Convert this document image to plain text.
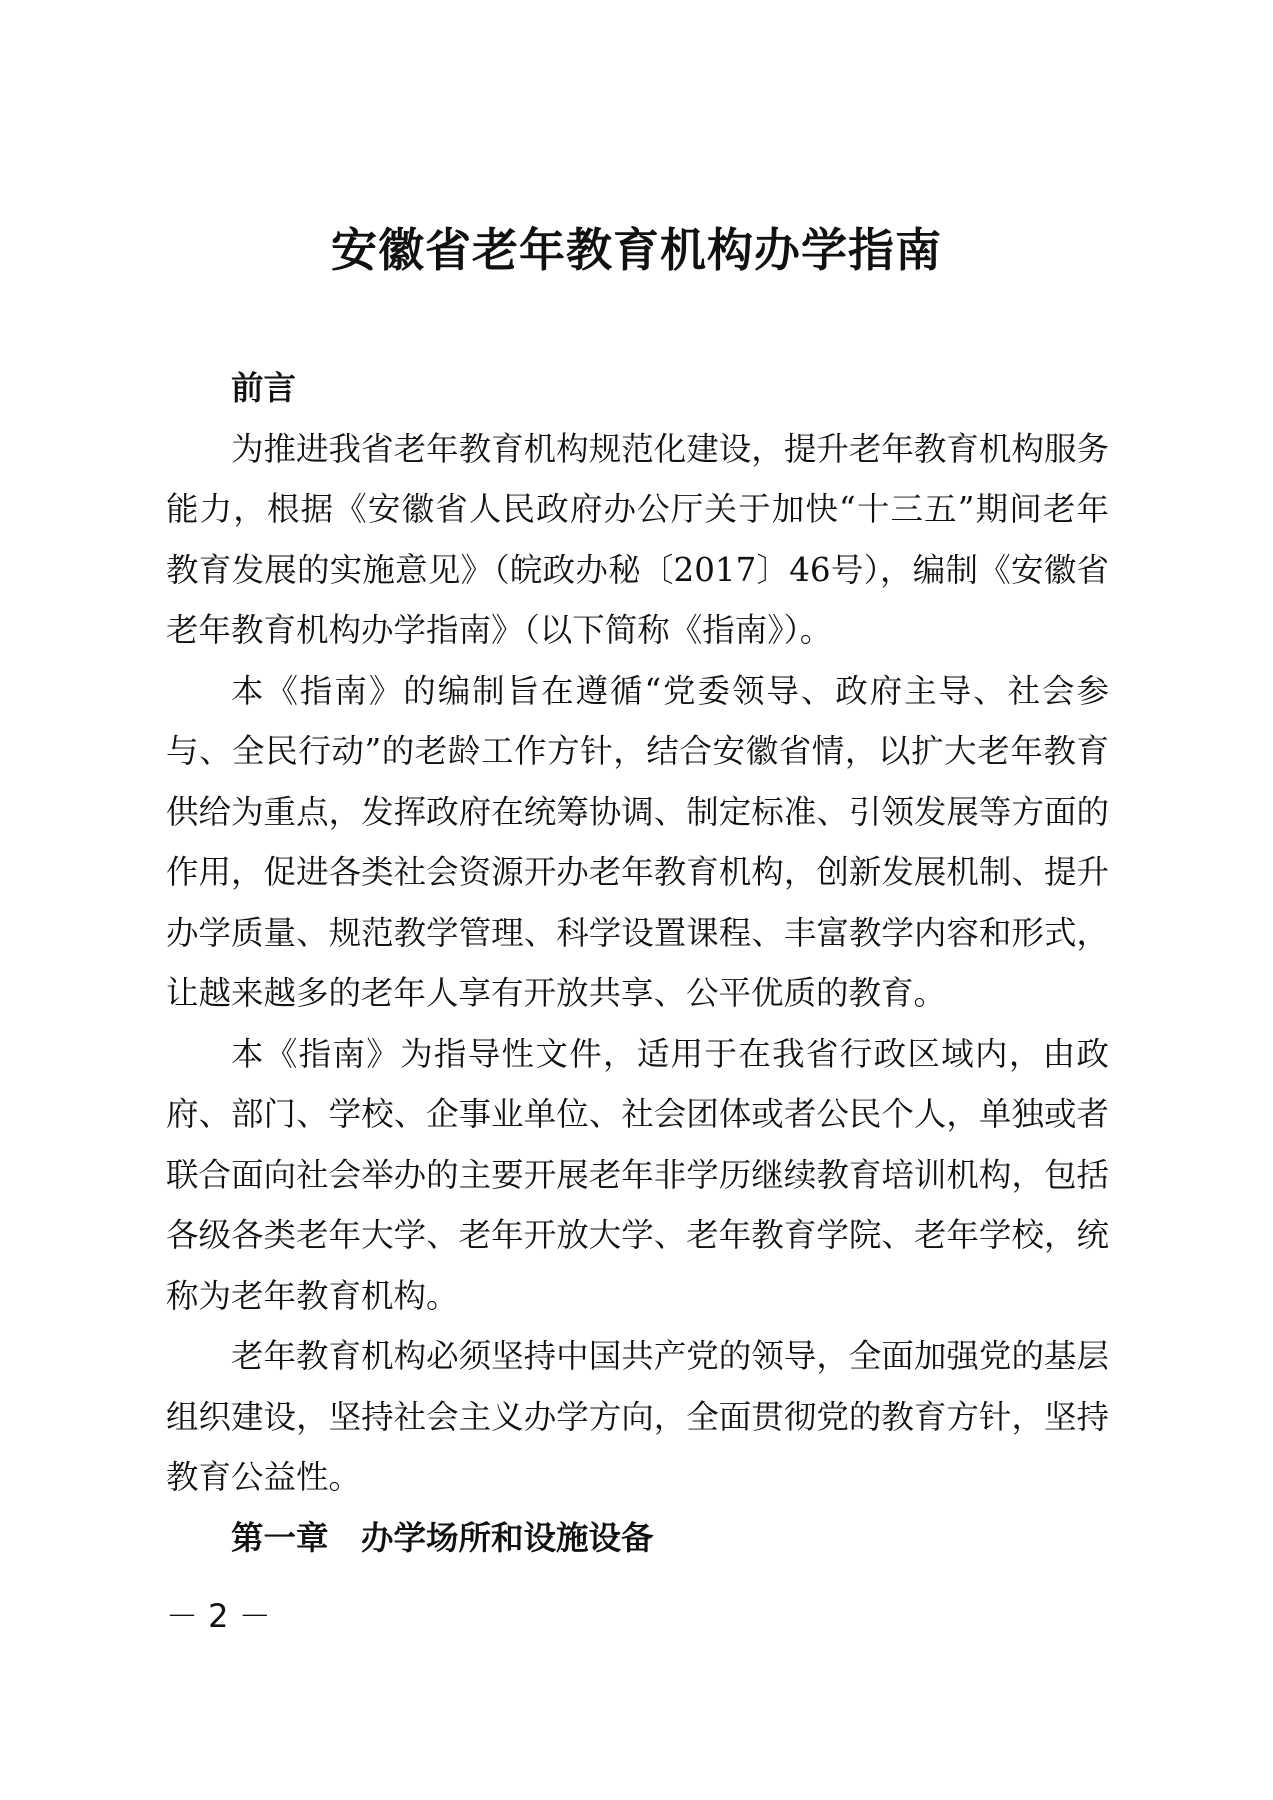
安徽省老年教育机构办学指南

前言

为推进我省老年教育机构规范化建设，提升老年教育机构服务能力，根据《安徽省人民政府办公厅关于加快“十三五”期间老年教育发展的实施意见》（皖政办秘〔2017〕46号），编制《安徽省老年教育机构办学指南》（以下简称《指南》）。

本《指南》的编制旨在遵循“党委领导、政府主导、社会参与、全民行动”的老龄工作方针，结合安徽省情，以扩大老年教育供给为重点，发挥政府在统筹协调、制定标准、引领发展等方面的作用，促进各类社会资源开办老年教育机构，创新发展机制、提升办学质量、规范教学管理、科学设置课程、丰富教学内容和形式，让越来越多的老年人享有开放共享、公平优质的教育。

本《指南》为指导性文件，适用于在我省行政区域内，由政府、部门、学校、企事业单位、社会团体或者公民个人，单独或者联合面向社会举办的主要开展老年非学历继续教育培训机构，包括各级各类老年大学、老年开放大学、老年教育学院、老年学校，统称为老年教育机构。

老年教育机构必须坚持中国共产党的领导，全面加强党的基层组织建设，坚持社会主义办学方向，全面贯彻党的教育方针，坚持教育公益性。

第一章　办学场所和设施设备

－ 2 －
